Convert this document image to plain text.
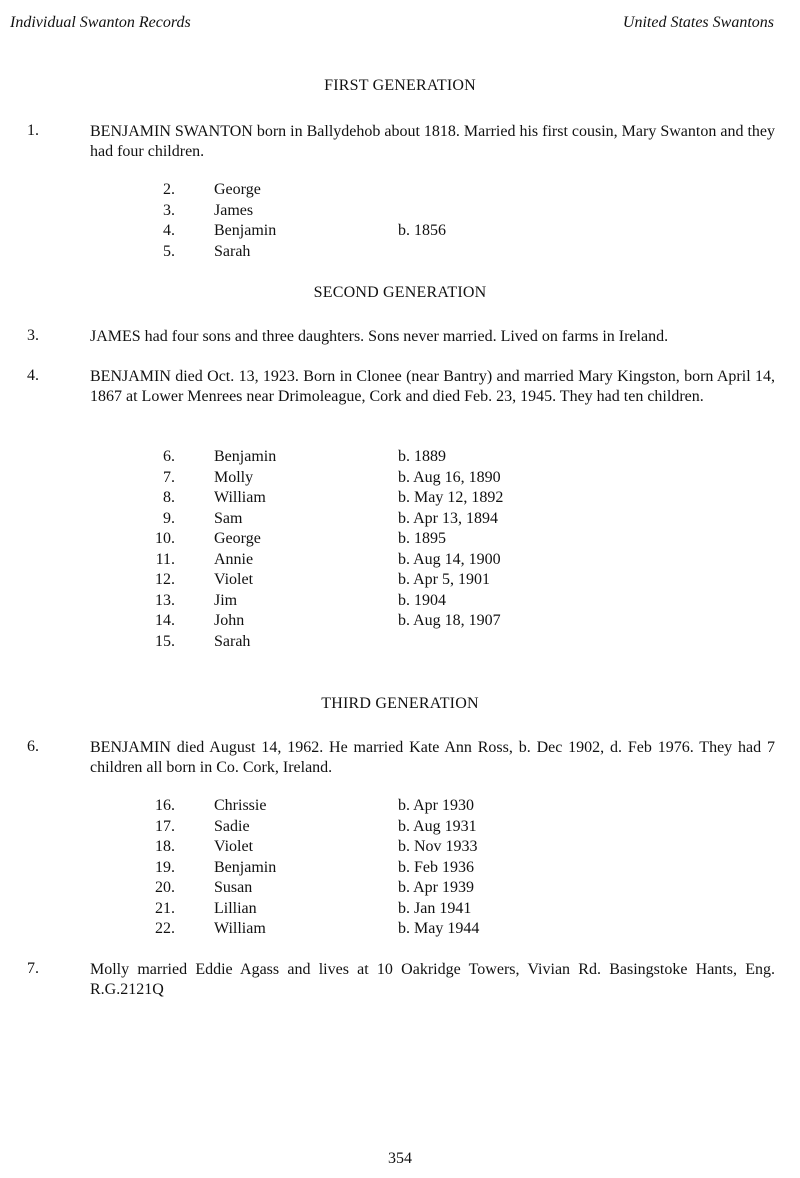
Individual Swanton Records	United States Swantons
FIRST GENERATION
1.	BENJAMIN SWANTON born in Ballydehob about 1818. Married his first cousin, Mary Swanton and they had four children.
2. George
3. James
4. Benjamin	b. 1856
5. Sarah
SECOND GENERATION
3.	JAMES had four sons and three daughters. Sons never married. Lived on farms in Ireland.
4.	BENJAMIN died Oct. 13, 1923. Born in Clonee (near Bantry) and married Mary Kingston, born April 14, 1867 at Lower Menrees near Drimoleague, Cork and died Feb. 23, 1945. They had ten children.
6. Benjamin	b. 1889
7. Molly	b. Aug 16, 1890
8. William	b. May 12, 1892
9. Sam	b. Apr 13, 1894
10. George	b. 1895
11. Annie	b. Aug 14, 1900
12. Violet	b. Apr 5, 1901
13. Jim	b. 1904
14. John	b. Aug 18, 1907
15. Sarah
THIRD GENERATION
6.	BENJAMIN died August 14, 1962. He married Kate Ann Ross, b. Dec 1902, d. Feb 1976. They had 7 children all born in Co. Cork, Ireland.
16. Chrissie	b. Apr 1930
17. Sadie	b. Aug 1931
18. Violet	b. Nov 1933
19. Benjamin	b. Feb 1936
20. Susan	b. Apr 1939
21. Lillian	b. Jan 1941
22. William	b. May 1944
7.	Molly married Eddie Agass and lives at 10 Oakridge Towers, Vivian Rd. Basingstoke Hants, Eng. R.G.2121Q
354
